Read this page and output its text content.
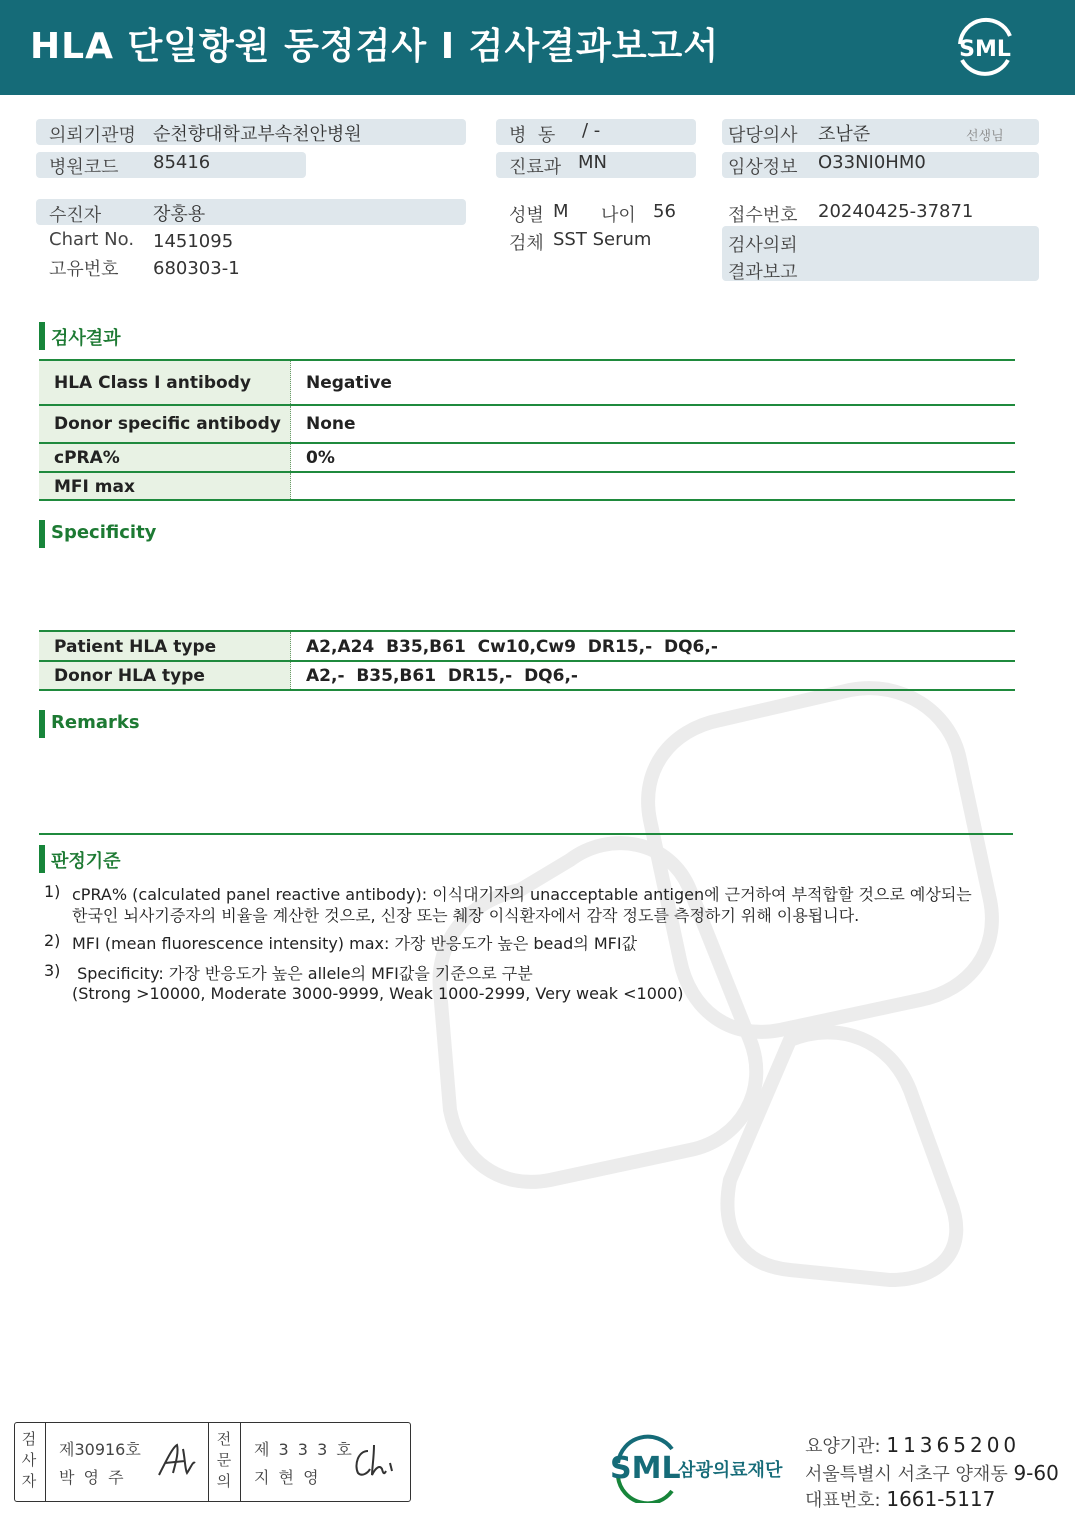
HLA 단일항원 동정검사 I 검사결과보고서	SML
의뢰기관명 순천향대학교부속천안병원	병  동 / -	담당의사 조남준	선생님
병원코드 85416	진료과 MN	임상정보 O33NI0HM0
수진자	장홍용
Chart No. 1451095
고유번호 680303-1
성별 M 나이 56
검체 SST Serum
접수번호 20240425-37871
검사의뢰
결과보고
검사결과
HLA Class I antibody	Negative
Donor specific antibody None
cPRA%	0%
MFI max
Specificity
Patient HLA type	A2,A24  B35,B61  Cw10,Cw9  DR15,-  DQ6,-
Donor HLA type	A2,-  B35,B61  DR15,-  DQ6,-
Remarks
판정기준
1) cPRA% (calculated panel reactive antibody): 이식대기자의 unacceptable antigen에 근거하여 부적합할 것으로 예상되는
한국인 뇌사기증자의 비율을 계산한 것으로, 신장 또는 췌장 이식환자에서 감작 정도를 측정하기 위해 이용됩니다.
2) MFI (mean fluorescence intensity) max: 가장 반응도가 높은 bead의 MFI값
3) Specificity: 가장 반응도가 높은 allele의 MFI값을 기준으로 구분
(Strong >10000, Moderate 3000-9999, Weak 1000-2999, Very weak <1000)
검
사
자
제30916호
박 영 주
전
문
의
제 3 3 3 호
지 현 영	SML
삼광의료재단
요양기관: 11365200
서울특별시 서초구 양재동 9-60
대표번호: 1661-5117
